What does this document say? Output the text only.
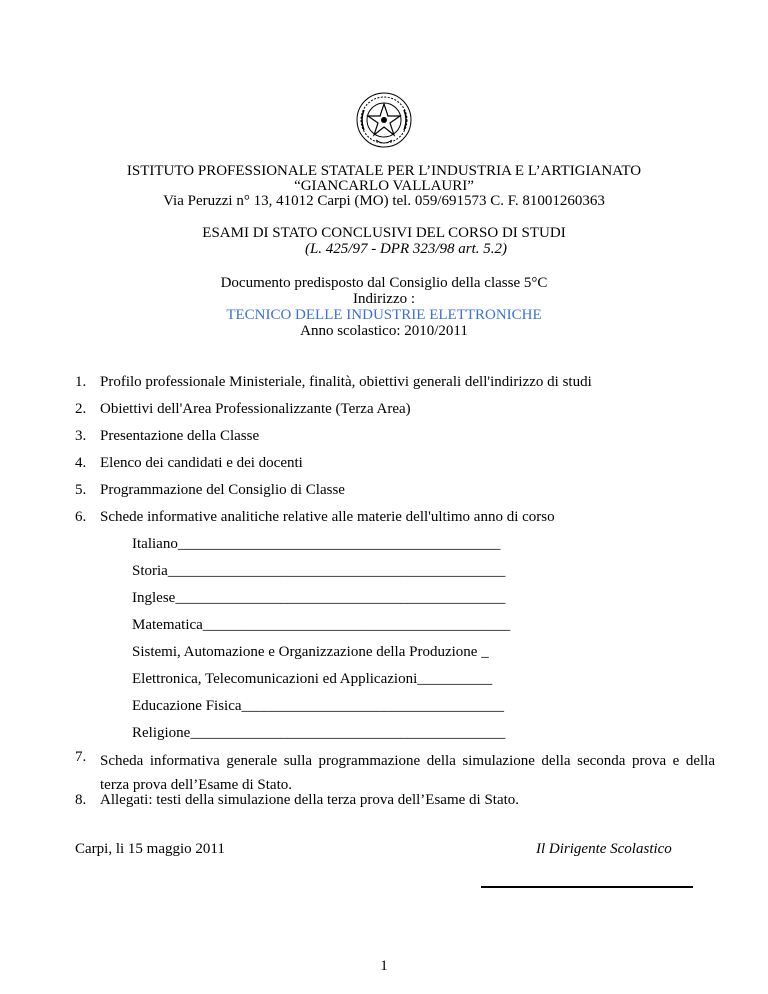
ISTITUTO PROFESSIONALE STATALE PER L’INDUSTRIA E L’ARTIGIANATO
“GIANCARLO VALLAURI”
Via Peruzzi n° 13, 41012 Carpi (MO) tel. 059/691573 C. F. 81001260363
ESAMI DI STATO CONCLUSIVI DEL CORSO DI STUDI
(L. 425/97 - DPR 323/98 art. 5.2)
Documento predisposto dal Consiglio della classe 5°C
Indirizzo :
TECNICO DELLE INDUSTRIE ELETTRONICHE
Anno scolastico: 2010/2011
1. Profilo professionale Ministeriale, finalità, obiettivi generali dell'indirizzo di studi
2. Obiettivi dell'Area Professionalizzante (Terza Area)
3. Presentazione della Classe
4. Elenco dei candidati e dei docenti
5. Programmazione del Consiglio di Classe
6. Schede informative analitiche relative alle materie dell'ultimo anno di corso
Italiano___________________________________________
Storia_____________________________________________
Inglese____________________________________________
Matematica_________________________________________
Sistemi, Automazione e Organizzazione della Produzione _
Elettronica, Telecomunicazioni ed Applicazioni__________
Educazione Fisica___________________________________
Religione__________________________________________
7. Scheda informativa generale sulla programmazione della simulazione della seconda prova e della terza prova dell’Esame di Stato.
8. Allegati: testi della simulazione della terza prova dell’Esame di Stato.
Carpi, li 15 maggio 2011	Il Dirigente Scolastico
1
